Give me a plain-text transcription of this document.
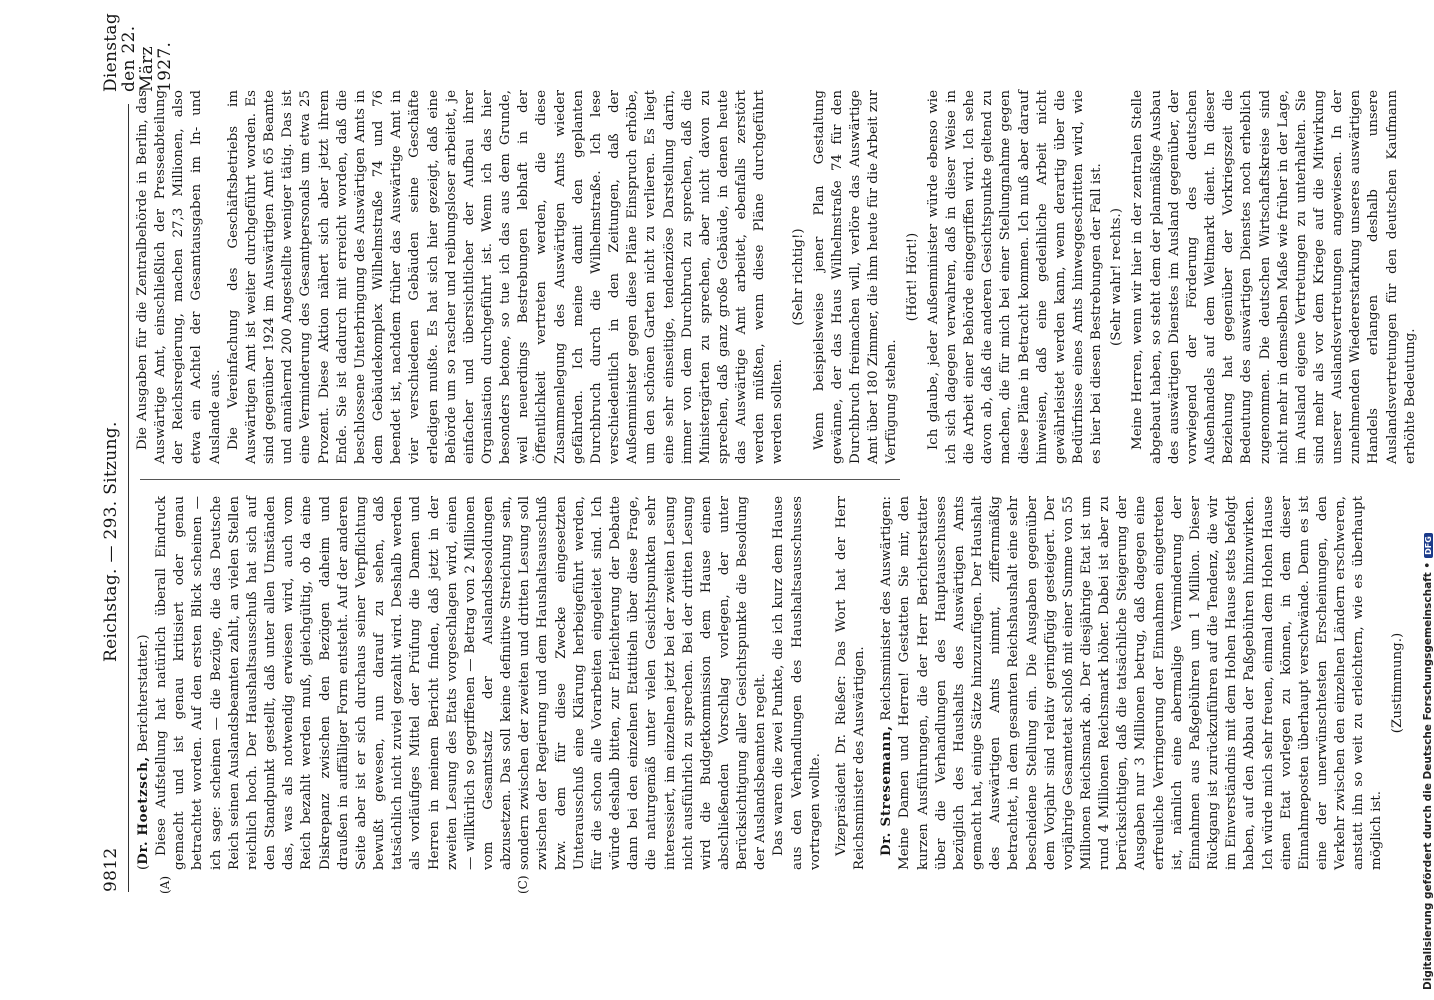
9812
Reichstag. — 293. Sitzung.
Dienstag den 22. März 1927.
(A)	(C)

(Dr. Hoetzsch, Berichterstatter.) Diese Aufstellung hat natürlich überall Eindruck gemacht und ist genau kritisiert oder genau betrachtet worden. Auf den ersten Blick scheinen — ich sage: scheinen — die Bezüge, die das Deutsche Reich seinen Auslandsbeamten zahlt, an vielen Stellen reichlich hoch. Der Haushaltsausschuß hat sich auf den Standpunkt gestellt, daß unter allen Umständen das, was als notwendig erwiesen wird, auch vom Reich bezahlt werden muß, gleichgültig, ob da eine Diskrepanz zwischen den Bezügen daheim und draußen in auffälliger Form entsteht. Auf der anderen Seite aber ist er sich durchaus seiner Verpflichtung bewußt gewesen, nun darauf zu sehen, daß tatsächlich nicht zuviel gezahlt wird. Deshalb werden als vorläufiges Mittel der Prüfung die Damen und Herren in meinem Bericht finden, daß jetzt in der zweiten Lesung des Etats vorgeschlagen wird, einen — willkürlich so gegriffenen — Betrag von 2 Millionen vom Gesamtsatz der Auslandsbesoldungen abzusetzen. Das soll keine definitive Streichung sein, sondern zwischen der zweiten und dritten Lesung soll zwischen der Regierung und dem Haushaltsausschuß bzw. dem für diese Zwecke eingesetzten Unterausschuß eine Klärung herbeigeführt werden, für die schon alle Vorarbeiten eingeleitet sind. Ich würde deshalb bitten, zur Erleichterung der Debatte dann bei den einzelnen Etattiteln über diese Frage, die naturgemäß unter vielen Gesichtspunkten sehr interessiert, im einzelnen jetzt bei der zweiten Lesung nicht ausführlich zu sprechen. Bei der dritten Lesung wird die Budgetkommission dem Hause einen abschließenden Vorschlag vorlegen, der unter Berücksichtigung aller Gesichtspunkte die Besoldung der Auslandsbeamten regelt. Das waren die zwei Punkte, die ich kurz dem Hause aus den Verhandlungen des Haushaltsausschusses vortragen wollte. Vizepräsident Dr. Rießer: Das Wort hat der Herr Reichsminister des Auswärtigen. Dr. Stresemann, Reichsminister des Auswärtigen: Meine Damen und Herren! Gestatten Sie mir, den kurzen Ausführungen, die der Herr Berichterstatter über die Verhandlungen des Hauptausschusses bezüglich des Haushalts des Auswärtigen Amts gemacht hat, einige Sätze hinzuzufügen. Der Haushalt des Auswärtigen Amts nimmt, ziffernmäßig betrachtet, in dem gesamten Reichshaushalt eine sehr bescheidene Stellung ein. Die Ausgaben gegenüber dem Vorjahr sind relativ geringfügig gesteigert. Der vorjährige Gesamtetat schloß mit einer Summe von 55 Millionen Reichsmark ab. Der diesjährige Etat ist um rund 4 Millionen Reichsmark höher. Dabei ist aber zu berücksichtigen, daß die tatsächliche Steigerung der Ausgaben nur 3 Millionen betrug, daß dagegen eine erfreuliche Verringerung der Einnahmen eingetreten ist, nämlich eine abermalige Verminderung der Einnahmen aus Paßgebühren um 1 Million. Dieser Rückgang ist zurückzuführen auf die Tendenz, die wir im Einverständnis mit dem Hohen Hause stets befolgt haben, auf den Abbau der Paßgebühren hinzuwirken. Ich würde mich sehr freuen, einmal dem Hohen Hause einen Etat vorlegen zu können, in dem dieser Einnahmeposten überhaupt verschwände. Denn es ist eine der unerwünschtesten Erscheinungen, den Verkehr zwischen den einzelnen Ländern erschweren, anstatt ihn so weit zu erleichtern, wie es überhaupt möglich ist.

(Zustimmung.)

Die Ausgaben für die Zentralbehörde in Berlin, das Auswärtige Amt, einschließlich der Presseabteilung der Reichsregierung, machen 27,3 Millionen, also etwa ein Achtel der Gesamtausgaben im In- und Auslande aus. Die Vereinfachung des Geschäftsbetriebs im Auswärtigen Amt ist weiter durchgeführt worden. Es sind gegenüber 1924 im Auswärtigen Amt 65 Beamte und annähernd 200 Angestellte weniger tätig. Das ist eine Verminderung des Gesamtpersonals um etwa 25 Prozent. Diese Aktion nähert sich aber jetzt ihrem Ende. Sie ist dadurch mit erreicht worden, daß die beschlossene Unterbringung des Auswärtigen Amts in dem Gebäudekomplex Wilhelmstraße 74 und 76 beendet ist, nachdem früher das Auswärtige Amt in vier verschiedenen Gebäuden seine Geschäfte erledigen mußte. Es hat sich hier gezeigt, daß eine Behörde um so rascher und reibungsloser arbeitet, je einfacher und übersichtlicher der Aufbau ihrer Organisation durchgeführt ist. Wenn ich das hier besonders betone, so tue ich das aus dem Grunde, weil neuerdings Bestrebungen lebhaft in der Öffentlichkeit vertreten werden, die diese Zusammenlegung des Auswärtigen Amts wieder gefährden. Ich meine damit den geplanten Durchbruch durch die Wilhelmstraße. Ich lese verschiedentlich in den Zeitungen, daß der Außenminister gegen diese Pläne Einspruch erhöbe, um den schönen Garten nicht zu verlieren. Es liegt eine sehr einseitige, tendenziöse Darstellung darin, immer von dem Durchbruch zu sprechen, daß die Ministergärten zu sprechen, aber nicht davon zu sprechen, daß ganz große Gebäude, in denen heute das Auswärtige Amt arbeitet, ebenfalls zerstört werden müßten, wenn diese Pläne durchgeführt werden sollten.

(Sehr richtig!) Wenn beispielsweise jener Plan Gestaltung gewänne, der das Haus Wilhelmstraße 74 für den Durchbruch freimachen will, verlöre das Auswärtige Amt über 180 Zimmer, die ihm heute für die Arbeit zur Verfügung stehen.

(Hört! Hört!) Ich glaube, jeder Außenminister würde ebenso wie ich sich dagegen verwahren, daß in dieser Weise in die Arbeit einer Behörde eingegriffen wird. Ich sehe davon ab, daß die anderen Gesichtspunkte geltend zu machen, die für mich bei einer Stellungnahme gegen diese Pläne in Betracht kommen. Ich muß aber darauf hinweisen, daß eine gedeihliche Arbeit nicht gewährleistet werden kann, wenn derartig über die Bedürfnisse eines Amts hinweggeschritten wird, wie es hier bei diesen Bestrebungen der Fall ist. (Sehr wahr! rechts.) Meine Herren, wenn wir hier in der zentralen Stelle abgebaut haben, so steht dem der planmäßige Ausbau des auswärtigen Dienstes im Ausland gegenüber, der vorwiegend der Förderung des deutschen Außenhandels auf dem Weltmarkt dient. In dieser Beziehung hat gegenüber der Vorkriegszeit die Bedeutung des auswärtigen Dienstes noch erheblich zugenommen. Die deutschen Wirtschaftskreise sind nicht mehr in demselben Maße wie früher in der Lage, im Ausland eigene Vertretungen zu unterhalten. Sie sind mehr als vor dem Kriege auf die Mitwirkung unserer Auslandsvertretungen angewiesen. In der zunehmenden Wiedererstarkung unseres auswärtigen Handels erlangen deshalb unsere Auslandsvertretungen für den deutschen Kaufmann erhöhte Bedeutung.

Digitalisierung gefördert durch die Deutsche Forschungsgemeinschaft •DFG
